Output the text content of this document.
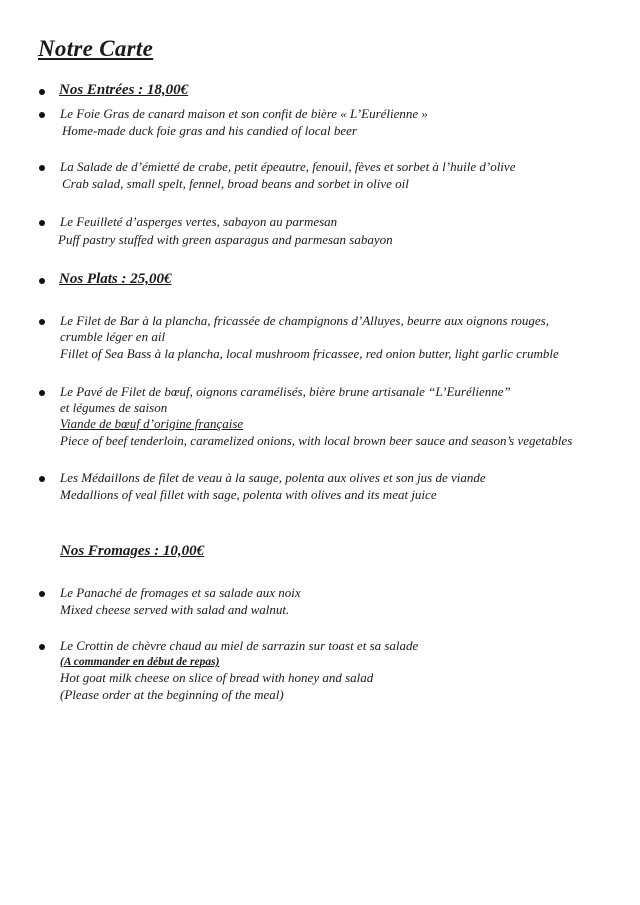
Notre Carte
Nos Entrées : 18,00€
Le Foie Gras de canard maison et son confit de bière « L’Eurélienne »
Home-made duck foie gras and his candied of local beer
La Salade de d’émietté de crabe, petit épeautre, fenouil, fèves et sorbet à l’huile d’olive
Crab salad, small spelt, fennel, broad beans and sorbet in olive oil
Le Feuilleté d’asperges vertes, sabayon au parmesan
Puff pastry stuffed with green asparagus and parmesan sabayon
Nos Plats : 25,00€
Le Filet de Bar à la plancha, fricassée de champignons d’Alluyes, beurre aux oignons rouges,
crumble léger en ail
Fillet of Sea Bass à la plancha, local mushroom fricassee, red onion butter, light garlic crumble
Le Pavé de Filet de bœuf, oignons caramélisés, bière brune artisanale “L’Eurélienne”
et légumes de saison
Viande de bœuf d’origine française
Piece of beef tenderloin, caramelized onions, with local brown beer sauce and season’s vegetables
Les Médaillons de filet de veau à la sauge, polenta aux olives et son jus de viande
Medallions of veal fillet with sage, polenta with olives and its meat juice
Nos Fromages : 10,00€
Le Panaché de fromages et sa salade aux noix
Mixed cheese served with salad and walnut.
Le Crottin de chèvre chaud au miel de sarrazin sur toast et sa salade
(A commander en début de repas)
Hot goat milk cheese on slice of bread with honey and salad
(Please order at the beginning of the meal)
